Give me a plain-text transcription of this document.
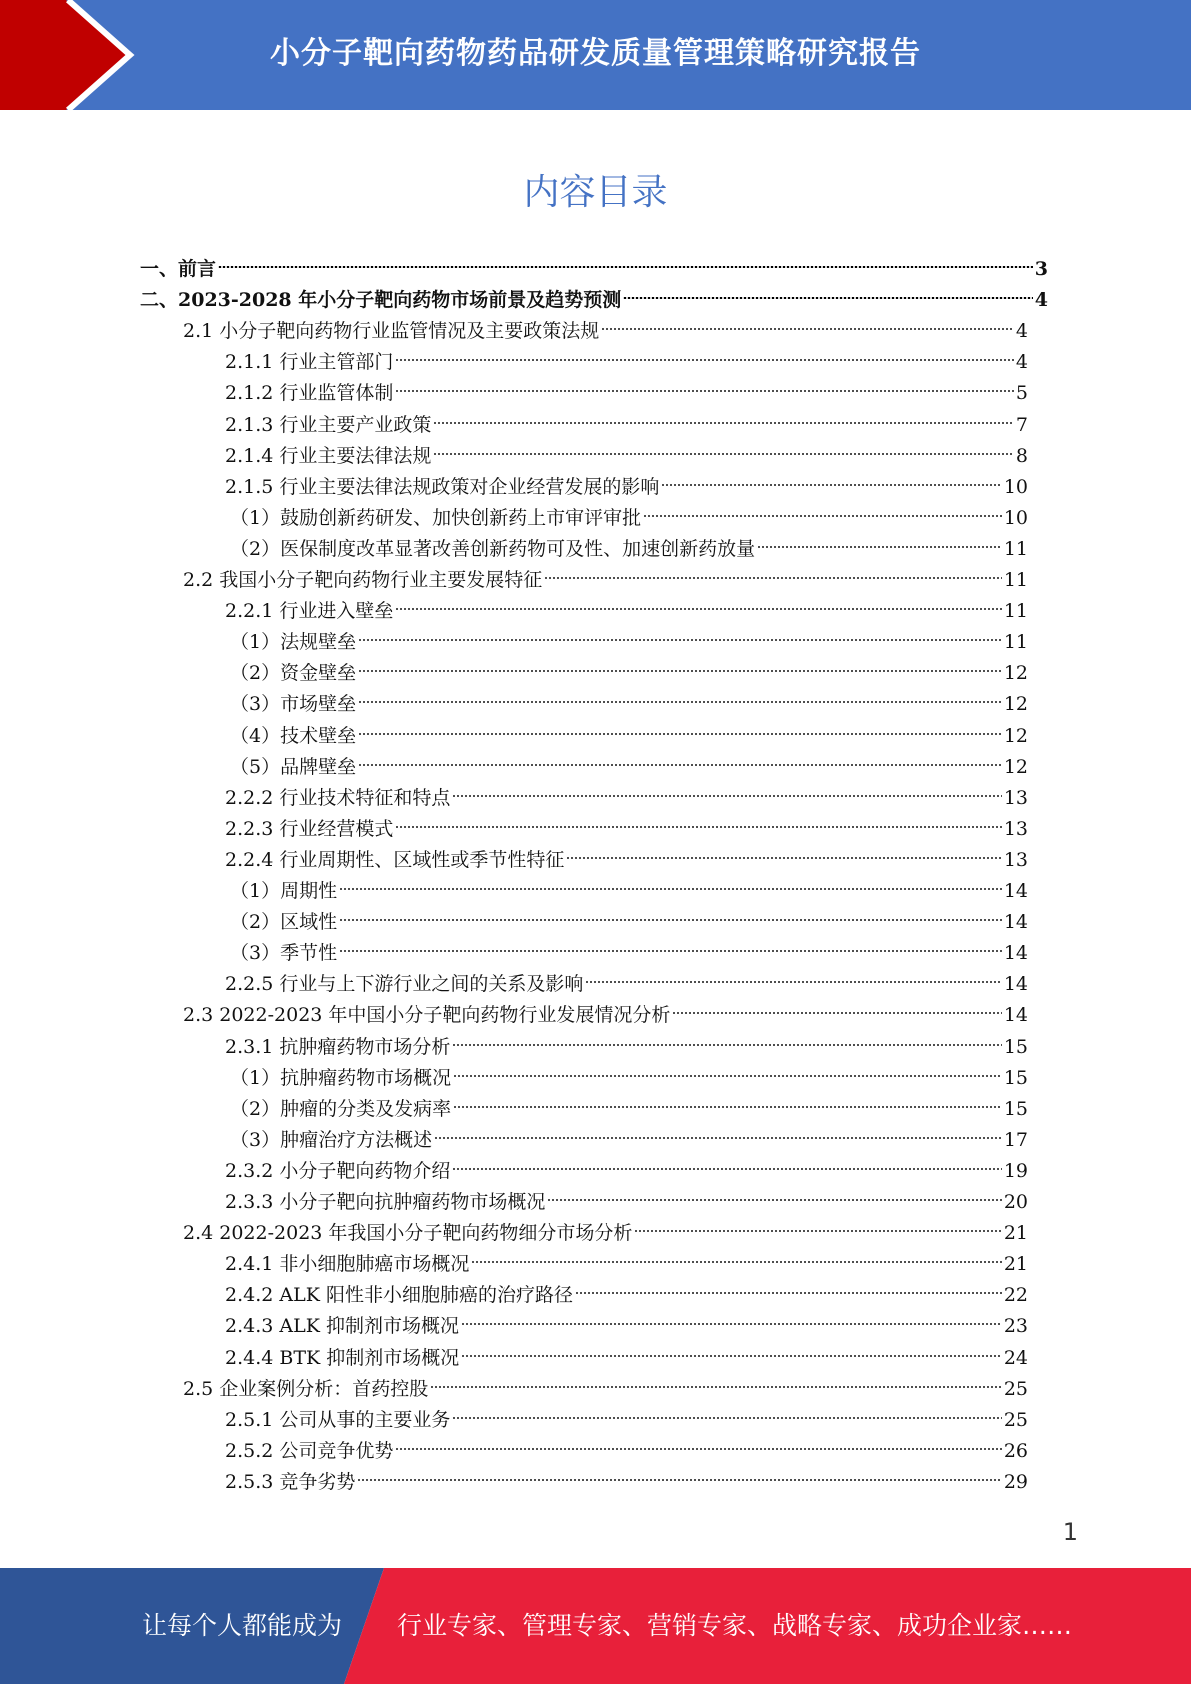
小分子靶向药物药品研发质量管理策略研究报告
内容目录
一、前言	3
二、2023-2028 年小分子靶向药物市场前景及趋势预测	4
2.1 小分子靶向药物行业监管情况及主要政策法规	4
2.1.1 行业主管部门	4
2.1.2 行业监管体制	5
2.1.3 行业主要产业政策	7
2.1.4 行业主要法律法规	8
2.1.5 行业主要法律法规政策对企业经营发展的影响	10
（1）鼓励创新药研发、加快创新药上市审评审批	10
（2）医保制度改革显著改善创新药物可及性、加速创新药放量	11
2.2 我国小分子靶向药物行业主要发展特征	11
2.2.1 行业进入壁垒	11
（1）法规壁垒	11
（2）资金壁垒	12
（3）市场壁垒	12
（4）技术壁垒	12
（5）品牌壁垒	12
2.2.2 行业技术特征和特点	13
2.2.3 行业经营模式	13
2.2.4 行业周期性、区域性或季节性特征	13
（1）周期性	14
（2）区域性	14
（3）季节性	14
2.2.5 行业与上下游行业之间的关系及影响	14
2.3 2022-2023 年中国小分子靶向药物行业发展情况分析	14
2.3.1 抗肿瘤药物市场分析	15
（1）抗肿瘤药物市场概况	15
（2）肿瘤的分类及发病率	15
（3）肿瘤治疗方法概述	17
2.3.2 小分子靶向药物介绍	19
2.3.3 小分子靶向抗肿瘤药物市场概况	20
2.4 2022-2023 年我国小分子靶向药物细分市场分析	21
2.4.1 非小细胞肺癌市场概况	21
2.4.2 ALK 阳性非小细胞肺癌的治疗路径	22
2.4.3 ALK 抑制剂市场概况	23
2.4.4 BTK 抑制剂市场概况	24
2.5 企业案例分析：首药控股	25
2.5.1 公司从事的主要业务	25
2.5.2 公司竞争优势	26
2.5.3 竞争劣势	29
1
让每个人都能成为 行业专家、管理专家、营销专家、战略专家、成功企业家……
